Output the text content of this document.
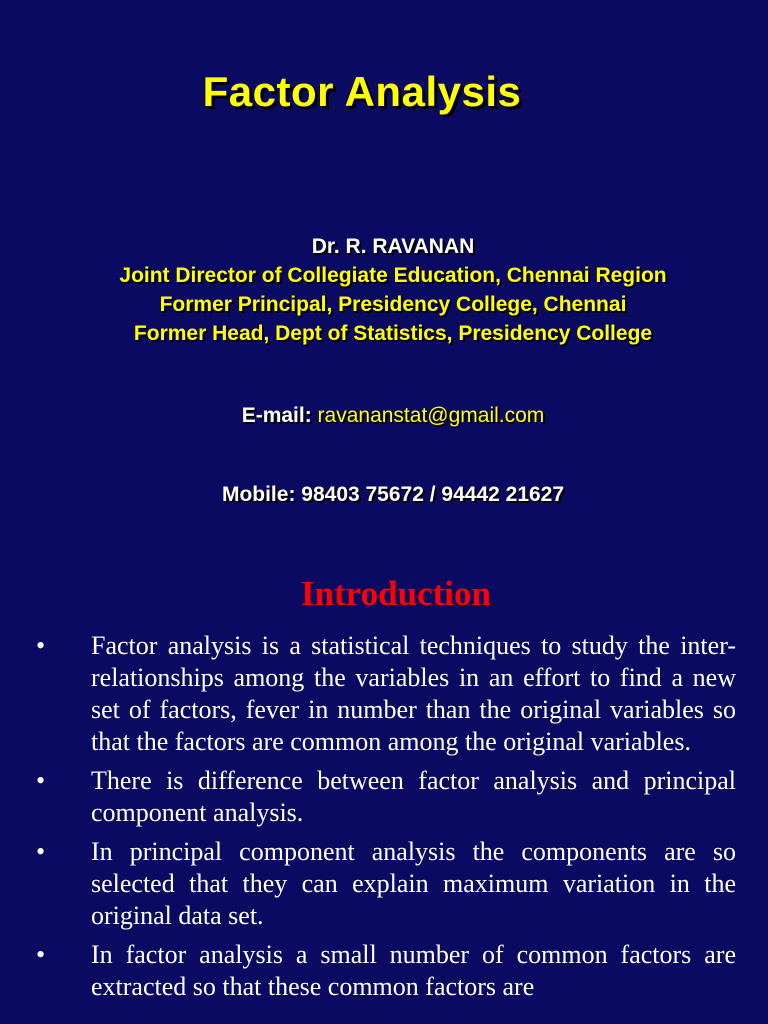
Factor Analysis
Dr. R. RAVANAN
Joint Director of Collegiate Education, Chennai Region
Former Principal, Presidency College, Chennai
Former Head, Dept of Statistics, Presidency College
E-mail: ravananstat@gmail.com
Mobile: 98403 75672 / 94442 21627
Introduction
• Factor analysis is a statistical techniques to study the inter-relationships among the variables in an effort to find a new set of factors, fever in number than the original variables so that the factors are common among the original variables.
• There is difference between factor analysis and principal component analysis.
• In principal component analysis the components are so selected that they can explain maximum variation in the original data set.
• In factor analysis a small number of common factors are extracted so that these common factors are
